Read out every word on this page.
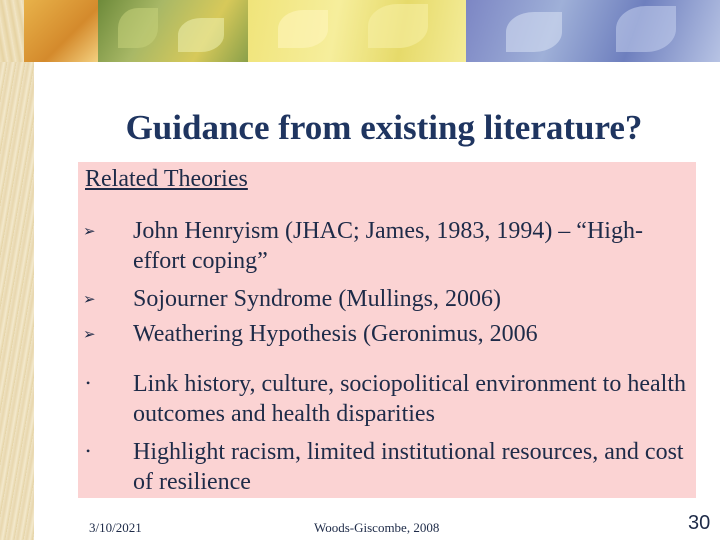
Guidance from existing literature?

Related Theories

➢ John Henryism (JHAC; James, 1983, 1994) – “High-effort coping”

➢ Sojourner Syndrome (Mullings, 2006)

➢ Weathering Hypothesis (Geronimus, 2006

• Link history, culture, sociopolitical environment to health outcomes and health disparities

• Highlight racism, limited institutional resources, and cost of resilience

3/10/2021	Woods-Giscombe, 2008	30
